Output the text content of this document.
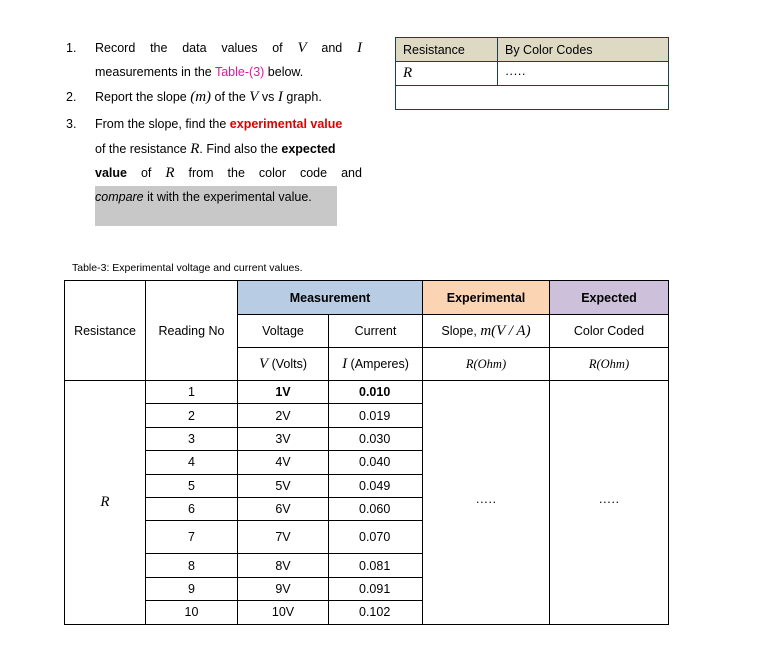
1. Record the data values of V and I
measurements in the Table-(3) below.
2. Report the slope (m) of the V vs I graph.
3. From the slope, find the experimental value
of the resistance R. Find also the expected
value of R from the color code and
compare it with the experimental value.
Resistance	By Color Codes
R	·····

Table-3: Experimental voltage and current values.
		Measurement		Experimental	Expected
Resistance	Reading No	Voltage	Current	Slope, m(V / A)	Color Coded
		V (Volts)	I (Amperes)	R(Ohm)	R(Ohm)
R	1	1V	0.010	·····	·····
	2	2V	0.019		
	3	3V	0.030		
	4	4V	0.040		
	5	5V	0.049		
	6	6V	0.060		
	7	7V	0.070		
	8	8V	0.081		
	9	9V	0.091		
	10	10V	0.102		
